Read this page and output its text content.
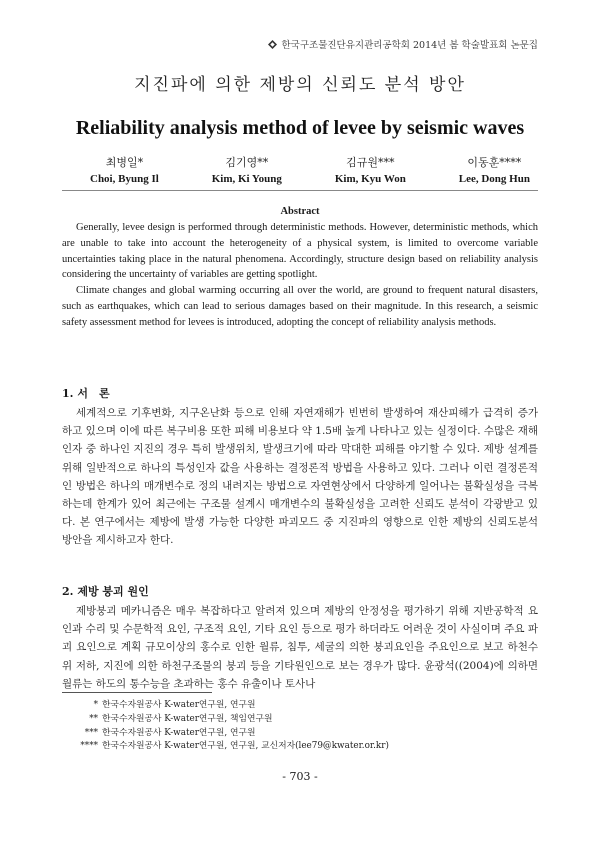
한국구조물진단유지관리공학회 2014년 봄 학술발표회 논문집
지진파에 의한 제방의 신뢰도 분석 방안
Reliability analysis method of levee by seismic waves
최병일*
Choi, Byung Il
김기영**
Kim, Ki Young
김규원***
Kim, Kyu Won
이동훈****
Lee, Dong Hun
Abstract

Generally, levee design is performed through deterministic methods. However, deterministic methods, which are unable to take into account the heterogeneity of a physical system, is limited to overcome variable uncertainties taking place in the natural phenomena. Accordingly, structure design based on reliability analysis considering the uncertainty of variables are getting spotlight.

Climate changes and global warming occurring all over the world, are ground to frequent natural disasters, such as earthquakes, which can lead to serious damages based on their magnitude. In this research, a seismic safety assessment method for levees is introduced, adopting the concept of reliability analysis methods.

1. 서　론

세계적으로 기후변화, 지구온난화 등으로 인해 자연재해가 빈번히 발생하여 재산피해가 급격히 증가하고 있으며 이에 따른 복구비용 또한 피해 비용보다 약 1.5배 높게 나타나고 있는 실정이다. 수많은 재해인자 중 하나인 지진의 경우 특히 발생위치, 발생크기에 따라 막대한 피해를 야기할 수 있다. 제방 설계를 위해 일반적으로 하나의 특성인자 값을 사용하는 결정론적 방법을 사용하고 있다. 그러나 이런 결정론적인 방법은 하나의 매개변수로 정의 내려지는 방법으로 자연현상에서 다양하게 일어나는 불확실성을 극복하는데 한계가 있어 최근에는 구조물 설계시 매개변수의 불확실성을 고려한 신뢰도 분석이 각광받고 있다. 본 연구에서는 제방에 발생 가능한 다양한 파괴모드 중 지진파의 영향으로 인한 제방의 신뢰도분석 방안을 제시하고자 한다.

2. 제방 붕괴 원인

제방붕괴 메카니즘은 매우 복잡하다고 알려져 있으며 제방의 안정성을 평가하기 위해 지반공학적 요인과 수리 및 수문학적 요인, 구조적 요인, 기타 요인 등으로 평가 하더라도 어려운 것이 사실이며 주요 파괴 요인으로 계획 규모이상의 홍수로 인한 월류, 침투, 세굴의 의한 붕괴요인을 주요인으로 보고 하천수위 저하, 지진에 의한 하천구조물의 붕괴 등을 기타원인으로 보는 경우가 많다. 윤광석((2004)에 의하면 월류는 하도의 통수능을 초과하는 홍수 유출이나 토사나

* 한국수자원공사 K-water연구원, 연구원
** 한국수자원공사 K-water연구원, 책임연구원
*** 한국수자원공사 K-water연구원, 연구원
**** 한국수자원공사 K-water연구원, 연구원, 교신저자(lee79@kwater.or.kr)
- 703 -
